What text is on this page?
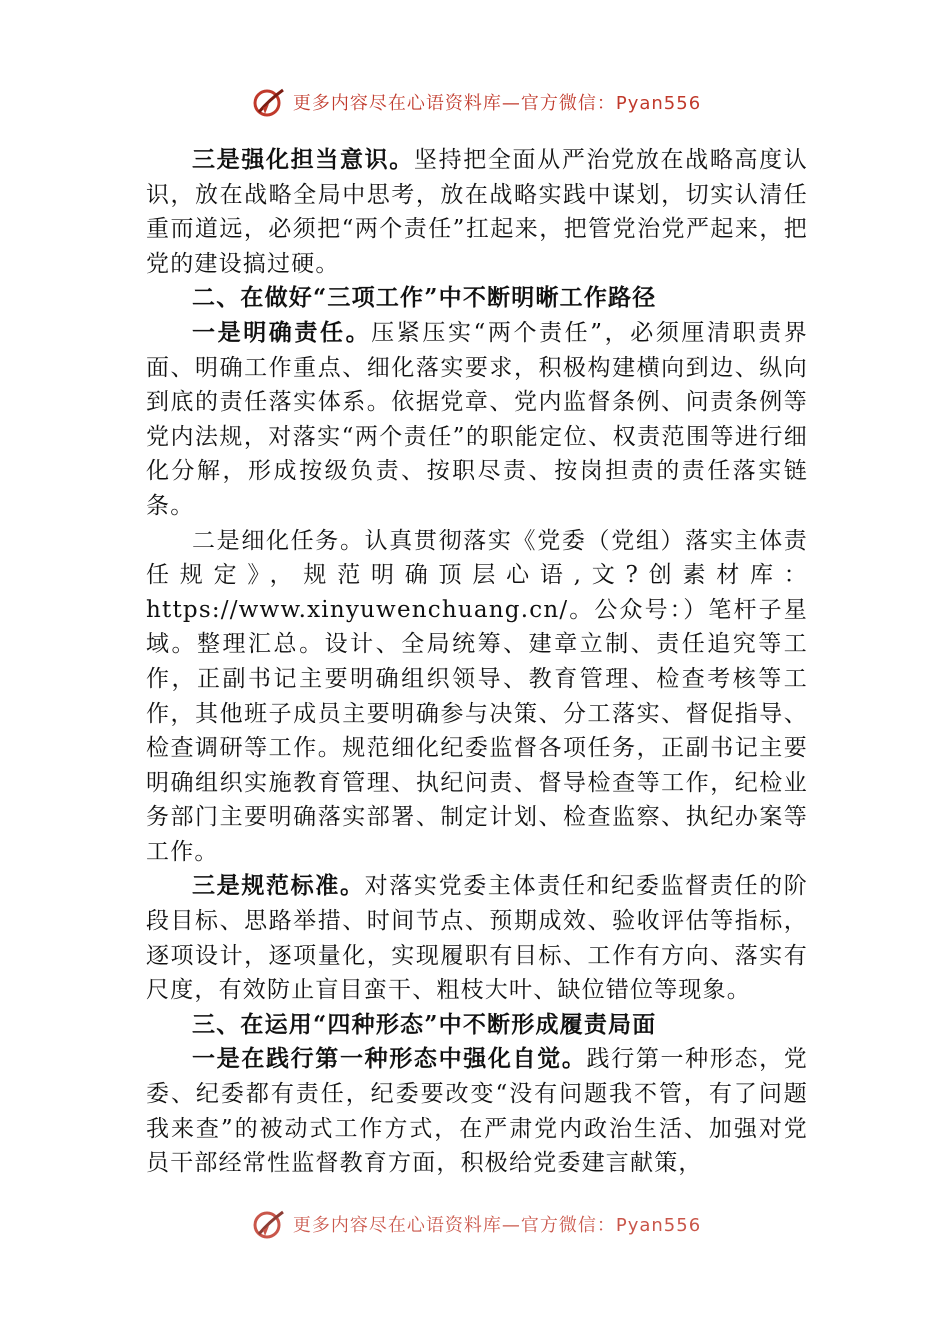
更多内容尽在心语资料库—官方微信：Pyan556

三是强化担当意识。坚持把全面从严治党放在战略高度认识，放在战略全局中思考，放在战略实践中谋划，切实认清任重而道远，必须把“两个责任”扛起来，把管党治党严起来，把党的建设搞过硬。

二、在做好“三项工作”中不断明晰工作路径

一是明确责任。压紧压实“两个责任”，必须厘清职责界面、明确工作重点、细化落实要求，积极构建横向到边、纵向到底的责任落实体系。依据党章、党内监督条例、问责条例等党内法规，对落实“两个责任”的职能定位、权责范围等进行细化分解，形成按级负责、按职尽责、按岗担责的责任落实链条。

二是细化任务。认真贯彻落实《党委（党组）落实主体责任规定》，规范明确顶层心语,文?创素材库：https://www.xinyuwenchuang.cn/。公众号：）笔杆子星域。整理汇总。设计、全局统筹、建章立制、责任追究等工作，正副书记主要明确组织领导、教育管理、检查考核等工作，其他班子成员主要明确参与决策、分工落实、督促指导、检查调研等工作。规范细化纪委监督各项任务，正副书记主要明确组织实施教育管理、执纪问责、督导检查等工作，纪检业务部门主要明确落实部署、制定计划、检查监察、执纪办案等工作。

三是规范标准。对落实党委主体责任和纪委监督责任的阶段目标、思路举措、时间节点、预期成效、验收评估等指标，逐项设计，逐项量化，实现履职有目标、工作有方向、落实有尺度，有效防止盲目蛮干、粗枝大叶、缺位错位等现象。

三、在运用“四种形态”中不断形成履责局面

一是在践行第一种形态中强化自觉。践行第一种形态，党委、纪委都有责任，纪委要改变“没有问题我不管，有了问题我来查”的被动式工作方式，在严肃党内政治生活、加强对党员干部经常性监督教育方面，积极给党委建言献策，

更多内容尽在心语资料库—官方微信：Pyan556
